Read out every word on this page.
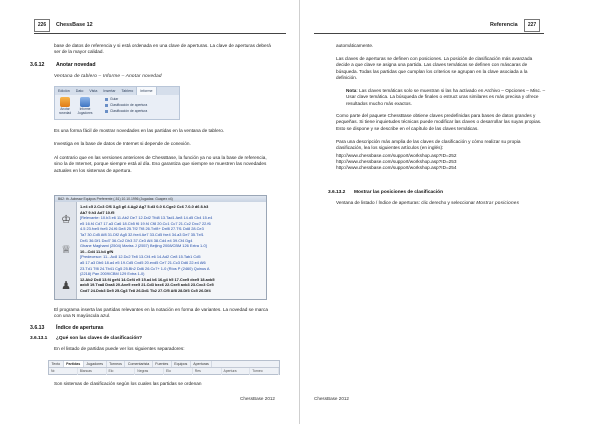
226	ChessBase 12
base de datos de referencia y si está ordenada en una clave de aperturas. La clave de aperturas deberá ser de la mayor calidad.
3.6.12 Anotar novedad
Ventana de tablero – Informe – Anotar novedad
Edición	Dato	Vista	Insertar	Tablero	Informe
Anotar novedad
Informe Jugadores
Guiar
Clasificación de apertura
Clasificación de apertura
Es una forma fácil de mostrar novedades en las partidas en la ventana de tablero.
Investiga en la base de datos de Internet si depende de conexión.
Al contrario que en las versiones anteriores de ChessBase, la función ya no usa la base de referencia, sino la de Internet, porque siempre está al día. Eso garantiza que siempre se muestren las novedades actuales en los sistemas de apertura.
B62: th. Acbeaw Equipos Preferente (-51) 10.10.1996 (Jugadas: Guapex v4)
♔
♕
♟
1.e4 c5 2.Cc3 Cf6 3.g3 g6 4.Ag2 Ag7 5.d3 0-0 6.Cge2 Cc6 7.0-0 d6 8.h3
Ab7 9.h3 Ad7 10.f5
[Relevante: 10.b3 e6 11.Ab2 De7 12.Dd2 Tfd8 13.Tad1 Ae8 14.d5 Cb4 15.e4
e5 16.f4 Cd7 17.a3 Ca6 18.Cb5 f6 19.f4 Cf8 20.Cc1 Cc7 21.Cc2 Dxc7 22.f6
4.5 23.fxe5 fxe5 24.f6 De8 25.Tf2 Tf8 26.Txf8+ Dxf8 27.Tf1 Dd8 28.Ce3
Ta7 30.Cd5 Af8 31.Df2 Ag5 32.fxe4 Ae7 33.Cd5 fxe4 34.a3 De7 35.Txf1
Dxf1 36.Df1 Dxd7 36.Cc2 Dh3 37.Ce3 Af4 38.Cd4 e4 39.Cf4 Dg4
Ghane Maghami (2504) Mariss J (2557) Beijing 2008/CBM 126 Extra 1-0]
10...Cd4 11.b4 gfN
[Predecesor: 11...Ac8 12.Dc2 Te8 13.Cf4 e6 14.Ad2 Ce8 15.Tab1 Cd5
a5 17.a3 Db6 18.a4 e5 19.Cd5 Cxd5 20.exd5 Ce7 21.Cc3 Dd6 22.e4 Af6
23.Td1 Tf8 24.Tb41 Cg5 25.Bh2 Dd6 26.Cc7+ 1-0 (Ríos P (2460) Quinus A
(2218) Pan 2009/CBM 129 Extra 1-0)
12.Ab2 Dc8 13.f4 gxf4 14.Cxf4 e5 15.a4 b6 16.g4 h5 17.Cxe5 dxe5 18.axb5
axb5 19.Txa8 Dxa8 20.Axe5 exe5 21.Cd3 bxc6 22.Cxe5 axb3 23.Cxc3 Ce5
Cxd7 24.Dxb3 De5 25.Cg3 Te8 26.Dd1 Tb2 27.Cf5 Af8 28.Df3 Cc5 26.Df4
El programa inserta las partidas relevantes en la notación en forma de variantes. La novedad se marca con una N mayúscula azul.
3.6.13 Índice de aperturas
3.6.13.1 ¿Qué son las claves de clasificación?
En el listado de partidas puede ver los siguientes separadores:
Texto	Partidas	Jugadores	Torneos	Comentarista	Fuentes	Equipos	Aperturas
Nr.	Blancas	Elo	Negras	Elo	Res	Apertura	Torneo
Son sistemas de clasificación según los cuales las partidas se ordenan
ChessBase 2012
Referencia	227
automáticamente.
Las claves de aperturas se definen con posiciones. La posición de clasificación más avanzada decide a que clave se asigna una partida. Las claves temáticas se definen con máscaras de búsqueda. Todas las partidas que cumplan los criterios se agrupan en la clave asociada a la definición.
Nota: Las claves temáticas solo se muestran si las ha activado en Archivo – Opciones – Misc. – Usar clave temática. La búsqueda de finales o estruct uras similares es más precisa y ofrece resultados mucho más exactos.
Como parte del paquete ChessBase obtiene claves predefinidas para bases de datos grandes y pequeñas. Si tiene inquietudes técnicas puede modificar las claves o desarrollar las suyas propias. Esto se dispone y se describe en el capítulo de las claves temáticas.
Para una descripción más amplia de las claves de clasificación y cómo realizar su propia clasificación, lea los siguientes artículos (en inglés):
http://www.chessbase.com/support/workshop.asp?ID=252
http://www.chessbase.com/support/workshop.asp?ID=253
http://www.chessbase.com/support/workshop.asp?ID=254
3.6.13.2 Mostrar las posiciones de clasificación
Ventana de listado / Índice de aperturas: clic derecho y seleccionar Mostrar posiciones
ChessBase 2012
